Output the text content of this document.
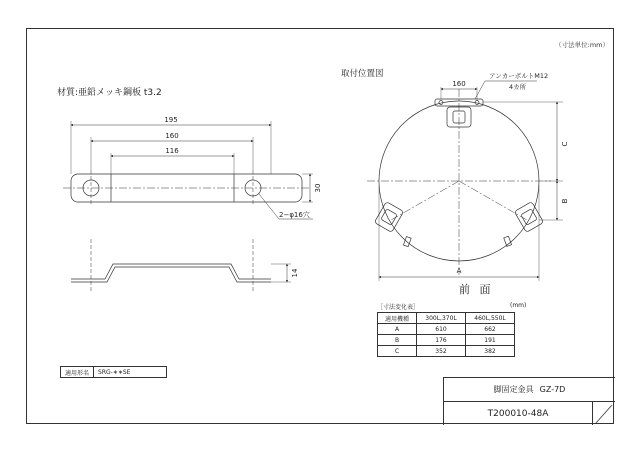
（寸法単位:mm）
材質:亜鉛メッキ鋼板 t3.2
取付位置図
前 面
［寸法変化表］	(mm)
適用機種	300L,370L	460L,550L
A	610	662
B	176	191
C	352	382
適用形名	SRG-∗∗SE
脚固定金具 GZ-7D
T200010-48A
195
160
116
30
14
2−φ16穴
160
A
C
B
アンカーボルトM12
4カ所
